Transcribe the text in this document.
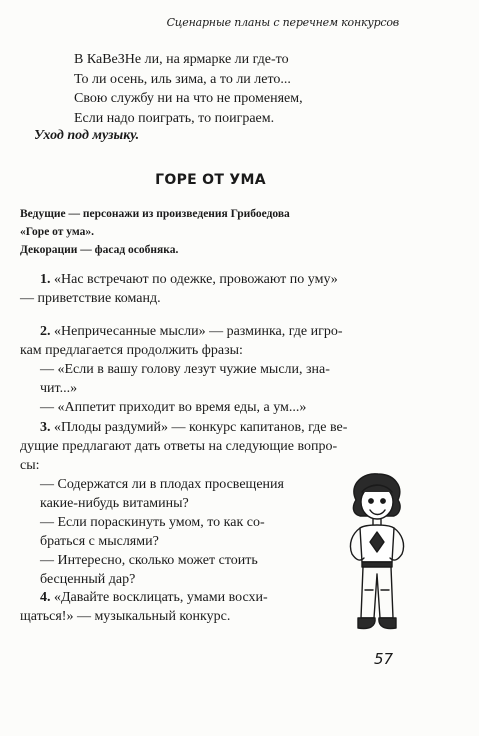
Сценарные планы с перечнем конкурсов
В КаВеЗНе ли, на ярмарке ли где-то
То ли осень, иль зима, а то ли лето...
Свою службу ни на что не променяем,
Если надо поиграть, то поиграем.
Уход под музыку.
ГОРЕ ОТ УМА
Ведущие — персонажи из произведения Грибоедова
«Горе от ума».
Декорации — фасад особняка.
1. «Нас встречают по одежке, провожают по уму»
— приветствие команд.
2. «Непричесанные мысли» — разминка, где игро-
кам предлагается продолжить фразы:
— «Если в вашу голову лезут чужие мысли, зна-
чит...»
— «Аппетит приходит во время еды, а ум...»
3. «Плоды раздумий» — конкурс капитанов, где ве-
дущие предлагают дать ответы на следующие вопро-
сы:
— Содержатся ли в плодах просвещения
какие-нибудь витамины?
— Если пораскинуть умом, то как со-
браться с мыслями?
— Интересно, сколько может стоить
бесценный дар?
4. «Давайте восклицать, умами восхи-
щаться!» — музыкальный конкурс.
57
